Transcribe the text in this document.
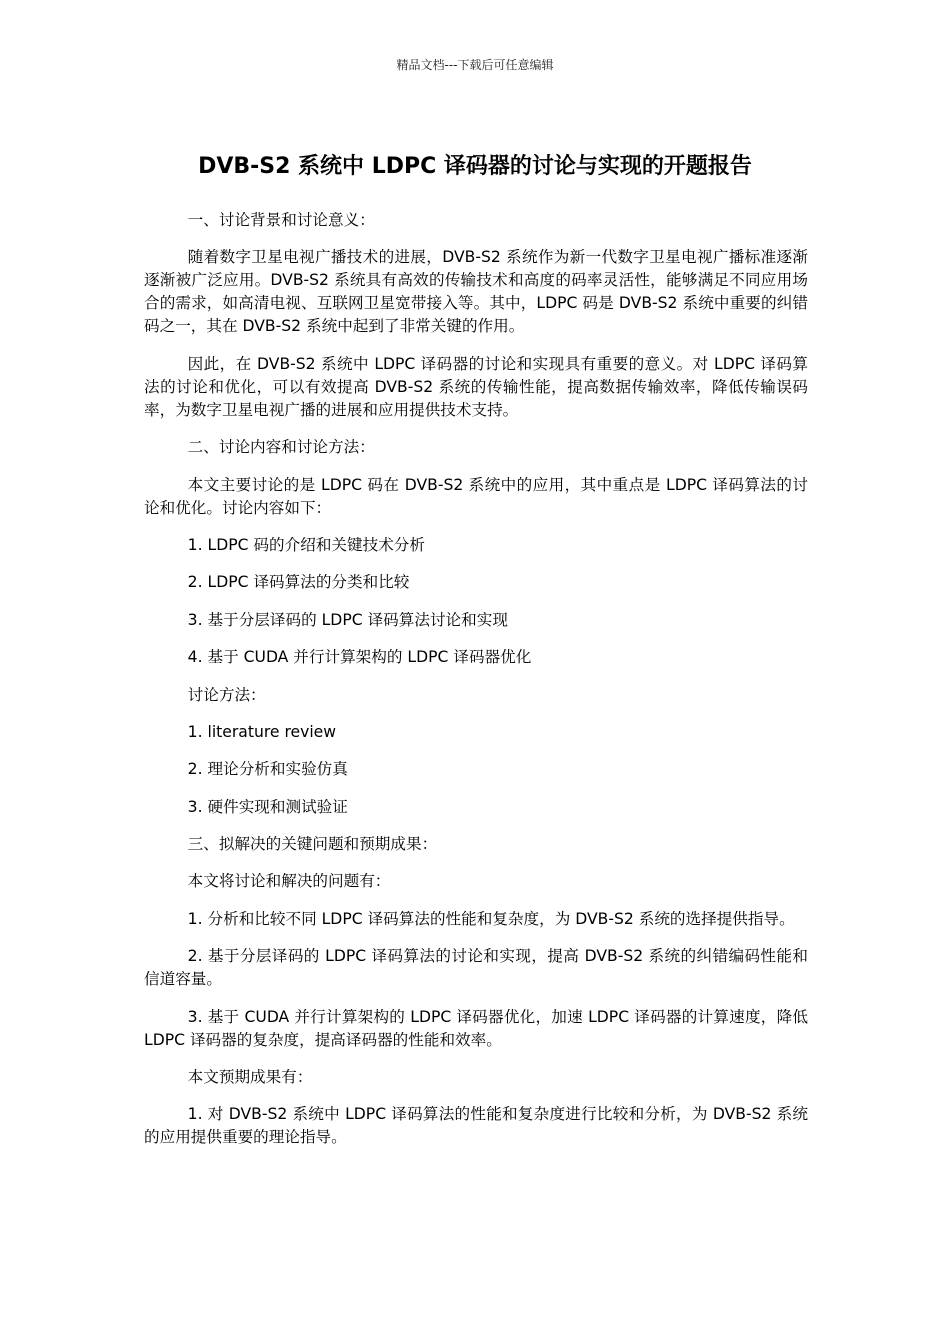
精品文档---下载后可任意编辑
DVB-S2 系统中 LDPC 译码器的讨论与实现的开题报告

一、讨论背景和讨论意义：

随着数字卫星电视广播技术的进展，DVB-S2 系统作为新一代数字卫星电视广播标准逐渐逐渐被广泛应用。DVB-S2 系统具有高效的传输技术和高度的码率灵活性，能够满足不同应用场合的需求，如高清电视、互联网卫星宽带接入等。其中，LDPC 码是 DVB-S2 系统中重要的纠错码之一，其在 DVB-S2 系统中起到了非常关键的作用。

因此，在 DVB-S2 系统中 LDPC 译码器的讨论和实现具有重要的意义。对 LDPC 译码算法的讨论和优化，可以有效提高 DVB-S2 系统的传输性能，提高数据传输效率，降低传输误码率，为数字卫星电视广播的进展和应用提供技术支持。

二、讨论内容和讨论方法：

本文主要讨论的是 LDPC 码在 DVB-S2 系统中的应用，其中重点是 LDPC 译码算法的讨论和优化。讨论内容如下：

1. LDPC 码的介绍和关键技术分析

2. LDPC 译码算法的分类和比较

3. 基于分层译码的 LDPC 译码算法讨论和实现

4. 基于 CUDA 并行计算架构的 LDPC 译码器优化

讨论方法：

1. literature review

2. 理论分析和实验仿真

3. 硬件实现和测试验证

三、拟解决的关键问题和预期成果：

本文将讨论和解决的问题有：

1. 分析和比较不同 LDPC 译码算法的性能和复杂度，为 DVB-S2 系统的选择提供指导。

2. 基于分层译码的 LDPC 译码算法的讨论和实现，提高 DVB-S2 系统的纠错编码性能和信道容量。

3. 基于 CUDA 并行计算架构的 LDPC 译码器优化，加速 LDPC 译码器的计算速度，降低 LDPC 译码器的复杂度，提高译码器的性能和效率。

本文预期成果有：

1. 对 DVB-S2 系统中 LDPC 译码算法的性能和复杂度进行比较和分析，为 DVB-S2 系统的应用提供重要的理论指导。
